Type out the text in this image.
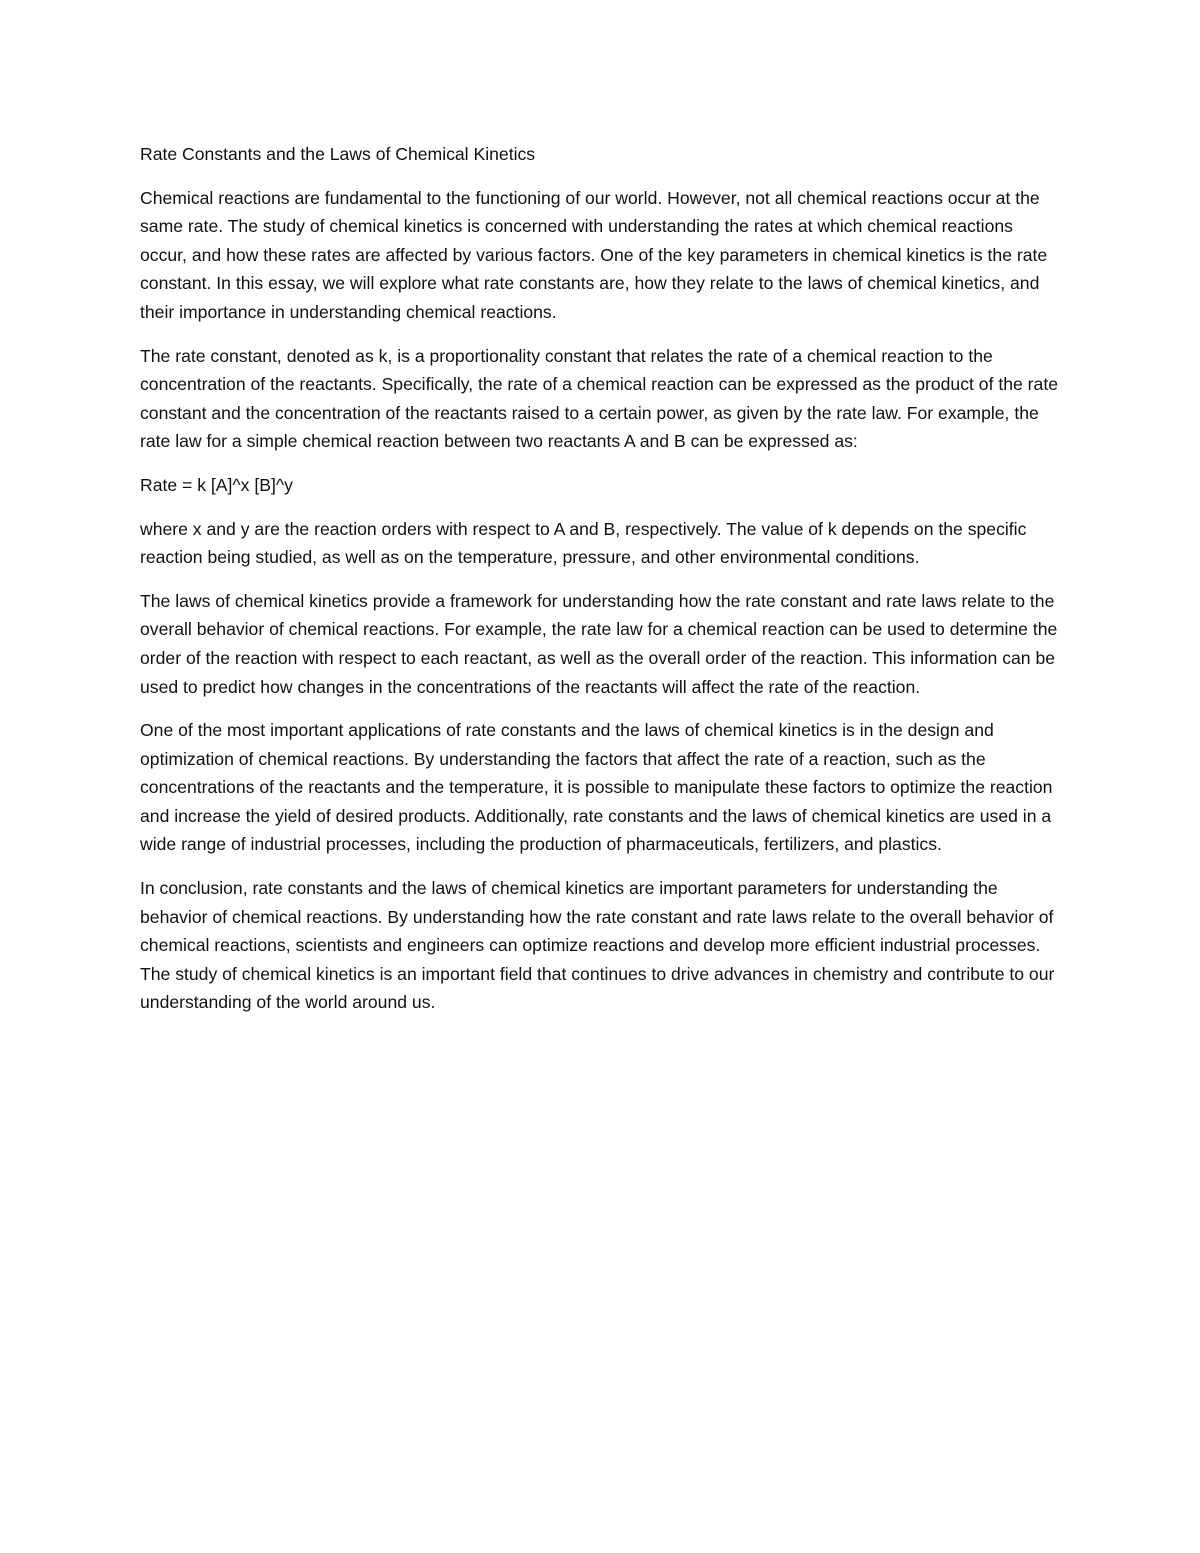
Rate Constants and the Laws of Chemical Kinetics

Chemical reactions are fundamental to the functioning of our world. However, not all chemical reactions occur at the same rate. The study of chemical kinetics is concerned with understanding the rates at which chemical reactions occur, and how these rates are affected by various factors. One of the key parameters in chemical kinetics is the rate constant. In this essay, we will explore what rate constants are, how they relate to the laws of chemical kinetics, and their importance in understanding chemical reactions.

The rate constant, denoted as k, is a proportionality constant that relates the rate of a chemical reaction to the concentration of the reactants. Specifically, the rate of a chemical reaction can be expressed as the product of the rate constant and the concentration of the reactants raised to a certain power, as given by the rate law. For example, the rate law for a simple chemical reaction between two reactants A and B can be expressed as:

Rate = k [A]^x [B]^y

where x and y are the reaction orders with respect to A and B, respectively. The value of k depends on the specific reaction being studied, as well as on the temperature, pressure, and other environmental conditions.

The laws of chemical kinetics provide a framework for understanding how the rate constant and rate laws relate to the overall behavior of chemical reactions. For example, the rate law for a chemical reaction can be used to determine the order of the reaction with respect to each reactant, as well as the overall order of the reaction. This information can be used to predict how changes in the concentrations of the reactants will affect the rate of the reaction.

One of the most important applications of rate constants and the laws of chemical kinetics is in the design and optimization of chemical reactions. By understanding the factors that affect the rate of a reaction, such as the concentrations of the reactants and the temperature, it is possible to manipulate these factors to optimize the reaction and increase the yield of desired products. Additionally, rate constants and the laws of chemical kinetics are used in a wide range of industrial processes, including the production of pharmaceuticals, fertilizers, and plastics.

In conclusion, rate constants and the laws of chemical kinetics are important parameters for understanding the behavior of chemical reactions. By understanding how the rate constant and rate laws relate to the overall behavior of chemical reactions, scientists and engineers can optimize reactions and develop more efficient industrial processes. The study of chemical kinetics is an important field that continues to drive advances in chemistry and contribute to our understanding of the world around us.
